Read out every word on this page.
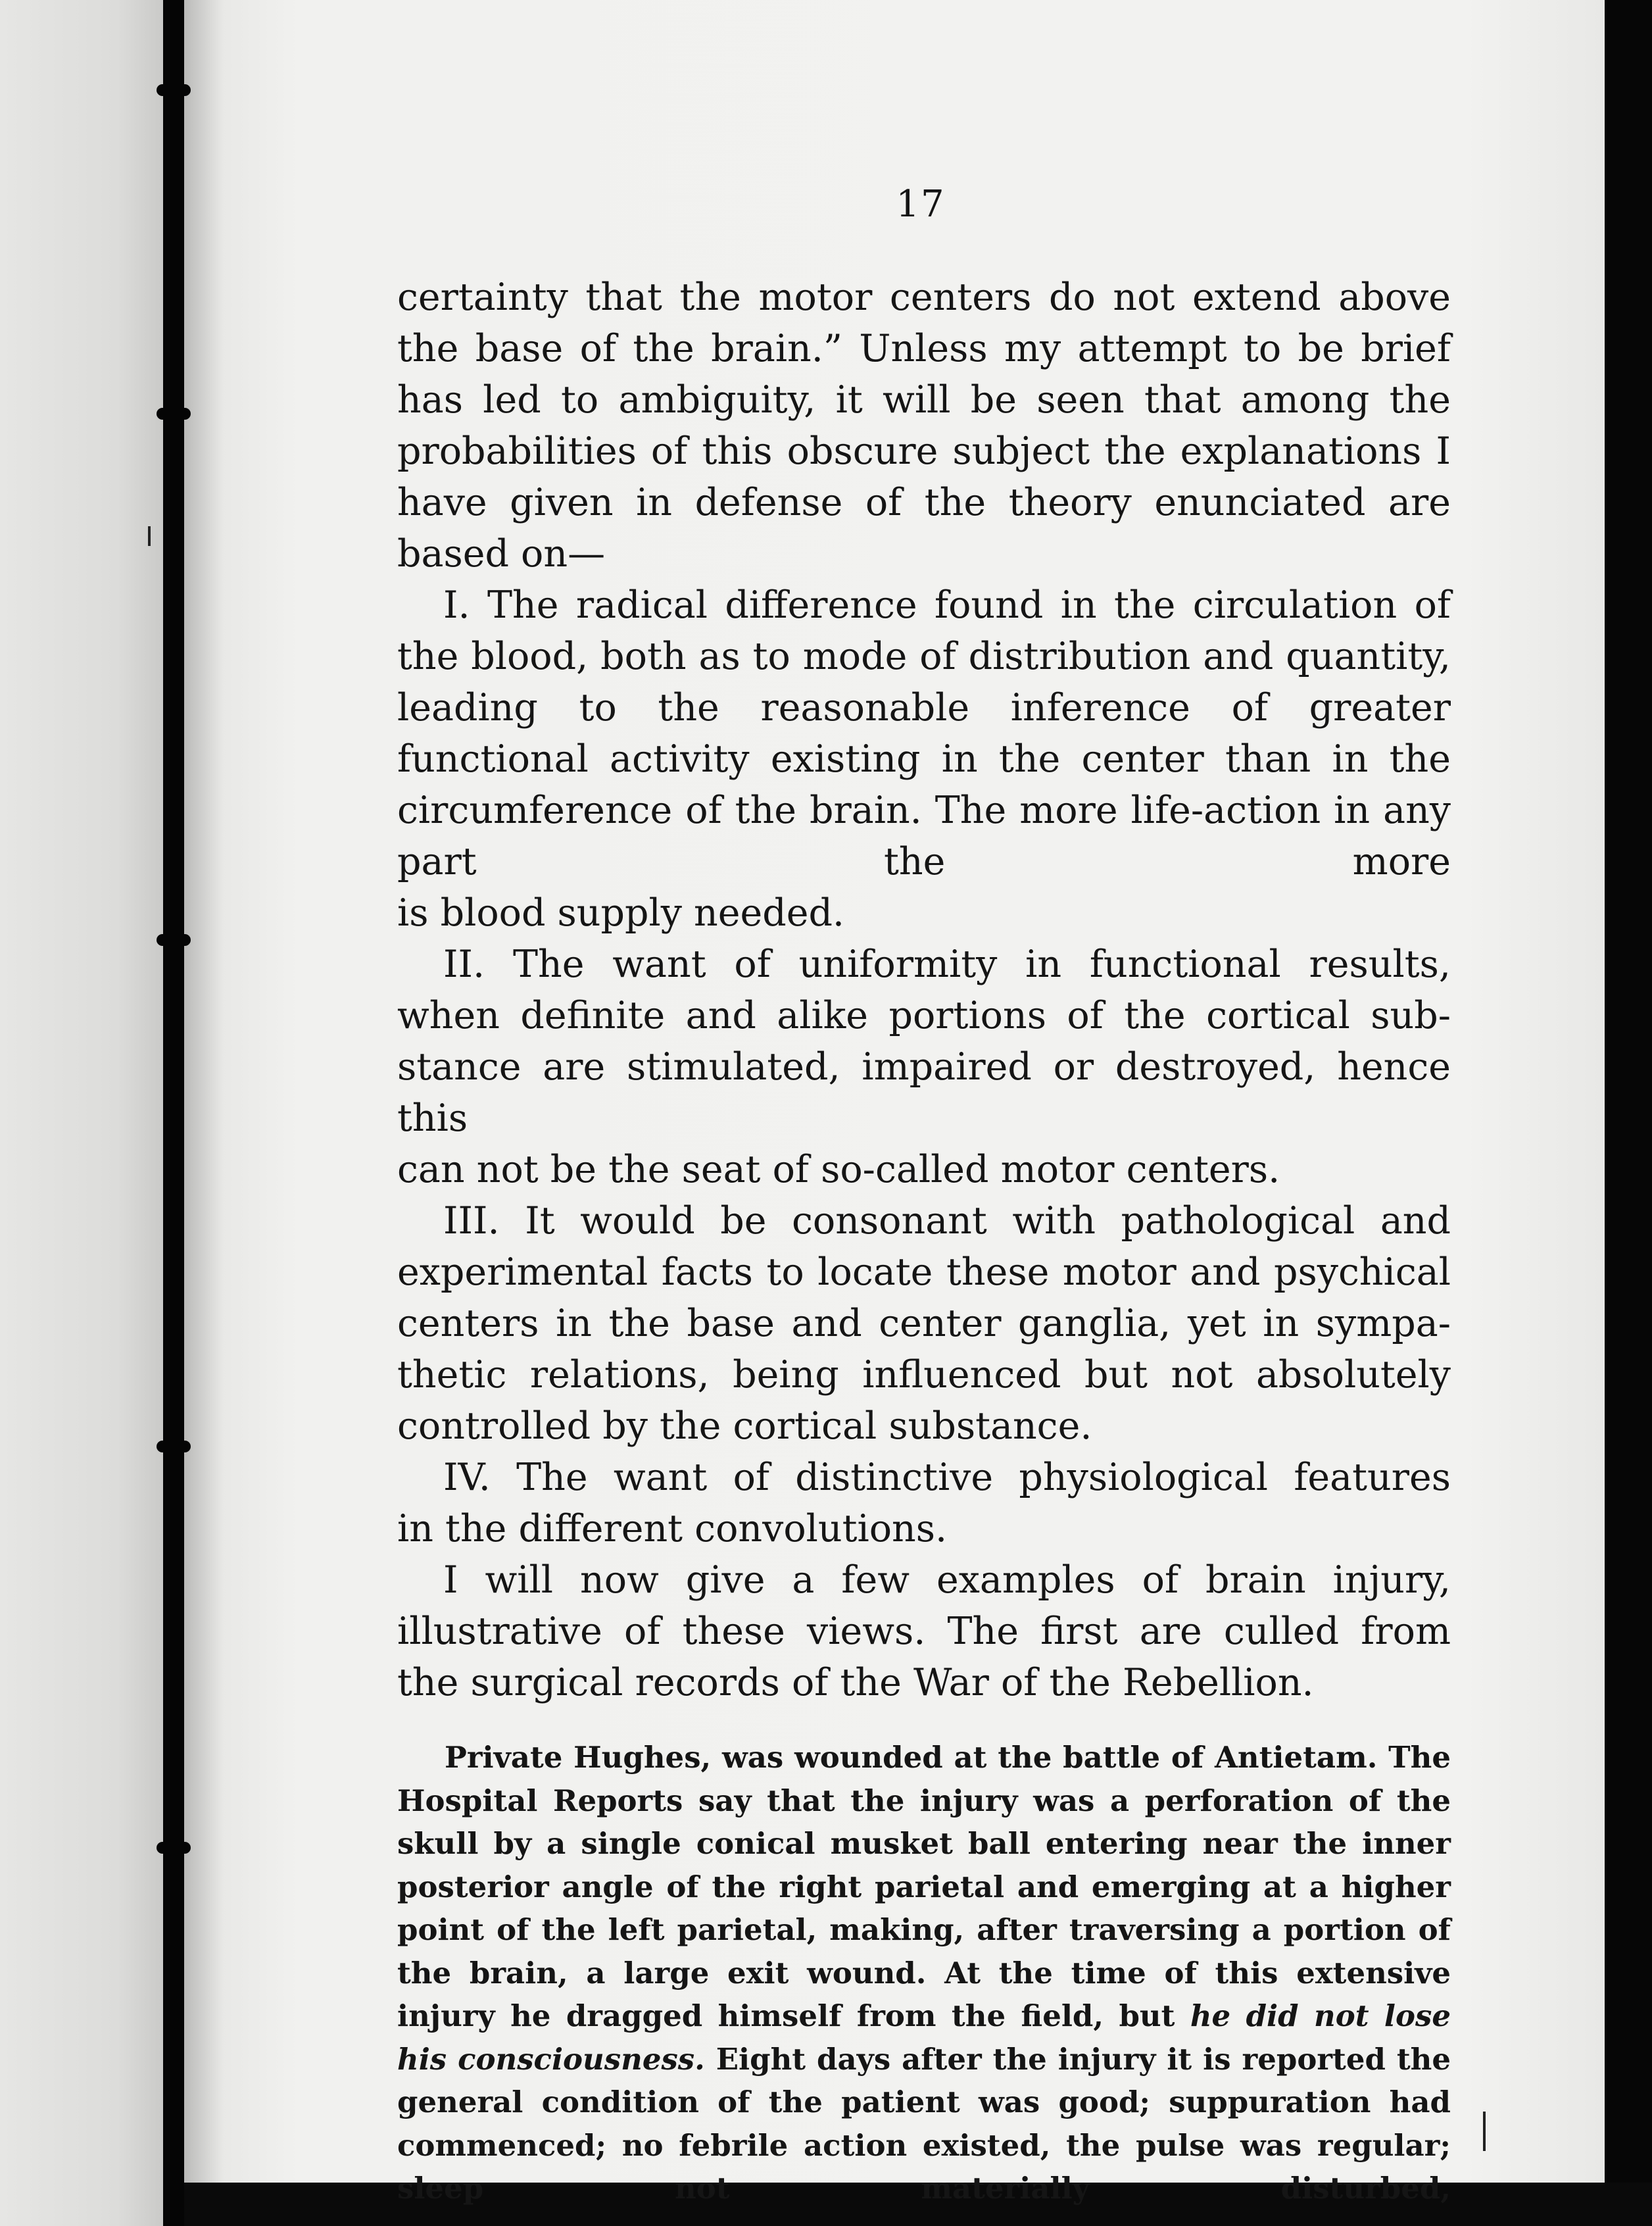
17

certainty that the motor centers do not extend above the base of the brain.” Unless my attempt to be brief has led to ambiguity, it will be seen that among the probabilities of this obscure subject the explanations I have given in defense of the theory enunciated are

based on—

I. The radical difference found in the circulation of the blood, both as to mode of distribution and quantity, leading to the reasonable inference of greater functional activity existing in the center than in the circumference of the brain. The more life-action in any part the more

is blood supply needed.

II. The want of uniformity in functional results, when definite and alike portions of the cortical sub- stance are stimulated, impaired or destroyed, hence this

can not be the seat of so-called motor centers.

III. It would be consonant with pathological and experimental facts to locate these motor and psychical centers in the base and center ganglia, yet in sympa- thetic relations, being influenced but not absolutely

controlled by the cortical substance.

IV. The want of distinctive physiological features

in the different convolutions.

I will now give a few examples of brain injury, illustrative of these views. The first are culled from

the surgical records of the War of the Rebellion.

Private Hughes, was wounded at the battle of Antietam. The Hospital Reports say that the injury was a perforation of the skull by a single conical musket ball entering near the inner posterior angle of the right parietal and emerging at a higher point of the left parietal, making, after traversing a portion of the brain, a large exit wound. At the time of this extensive injury he dragged himself from the field, but he did not lose his consciousness. Eight days after the injury it is reported the general condition of the patient was good; suppuration had commenced; no febrile action existed, the pulse was regular; sleep not materially disturbed,
